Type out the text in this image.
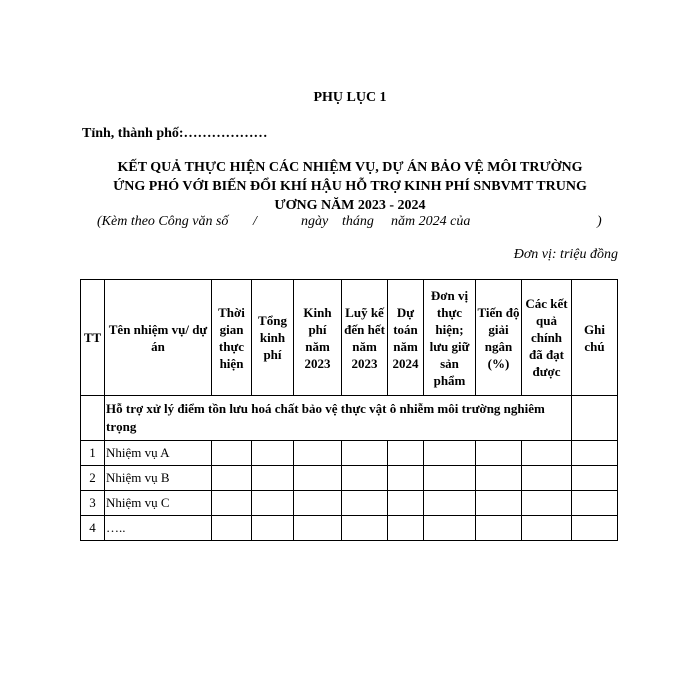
PHỤ LỤC 1
Tỉnh, thành phố:………………
KẾT QUẢ THỰC HIỆN CÁC NHIỆM VỤ, DỰ ÁN BẢO VỆ MÔI TRƯỜNG
ỨNG PHÓ VỚI BIẾN ĐỔI KHÍ HẬU HỖ TRỢ KINH PHÍ SNBVMT TRUNG
ƯƠNG NĂM 2023 - 2024
(Kèm theo Công văn số /	ngày tháng năm 2024 của	)
Đơn vị: triệu đồng
TT	Tên nhiệm vụ/ dự án	Thời gian thực hiện	Tổng kinh phí	Kinh phí năm 2023	Luỹ kế đến hết năm 2023	Dự toán năm 2024	Đơn vị thực hiện; lưu giữ sản phẩm	Tiến độ giải ngân (%)	Các kết quả chính đã đạt được	Ghi chú
	Hỗ trợ xử lý điểm tồn lưu hoá chất bảo vệ thực vật ô nhiễm môi trường nghiêm trọng									
1	Nhiệm vụ A									
2	Nhiệm vụ B									
3	Nhiệm vụ C									
4	…..									
